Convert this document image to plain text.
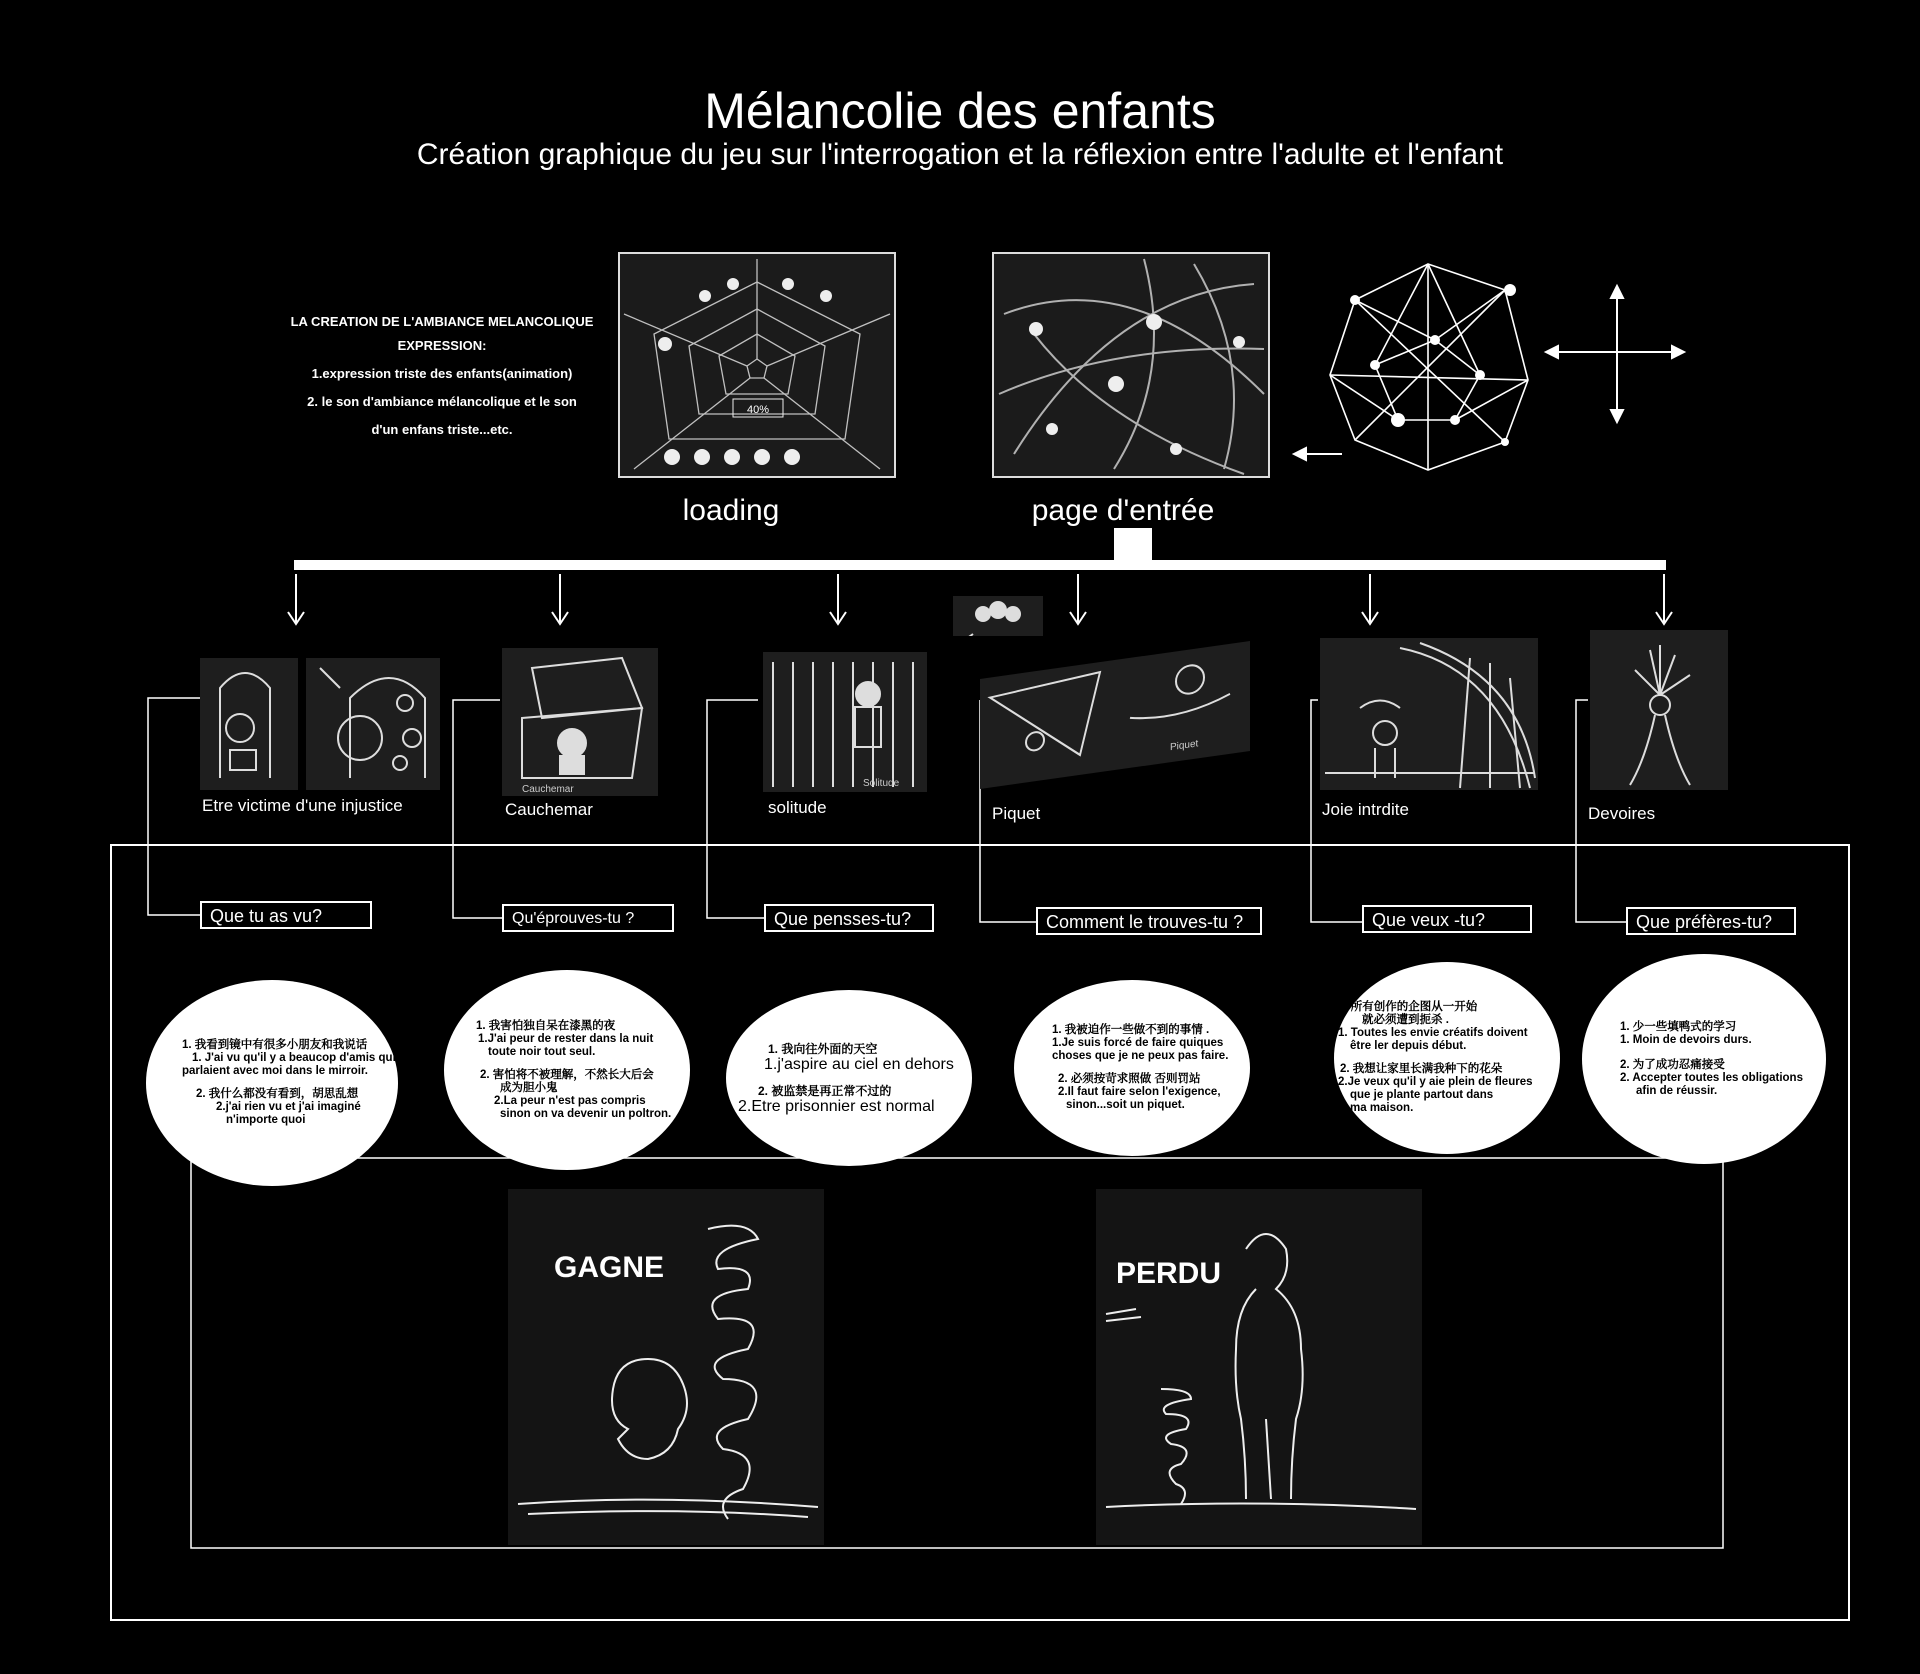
Mélancolie des enfants
Création graphique du jeu sur l'interrogation et la réflexion entre l'adulte et l'enfant
LA CREATION DE L'AMBIANCE MELANCOLIQUE
EXPRESSION:
1.expression triste des enfants(animation)
2. le son d'ambiance mélancolique et le son
d'un enfans triste...etc.
40%
loading	page d'entrée
Etre victime d'une injustice
Cauchemar
Cauchemar
Solitude
solitude
Piquet
Piquet	Joie intrdite	Devoires
Que tu as vu?	Qu'éprouves-tu ?	Que pensses-tu?	Comment le trouves-tu ?	Que veux -tu?	Que préfères-tu?
1. 我看到镜中有很多小朋友和我说话
1. J'ai vu qu'il y a beaucop d'amis qui
parlaient avec moi dans le mirroir.
2. 我什么都没有看到，胡思乱想
2.j'ai rien vu et j'ai imaginé
n'importe quoi
1. 我害怕独自呆在漆黑的夜
1.J'ai peur de rester dans la nuit
toute noir tout seul.
2. 害怕将不被理解，不然长大后会
成为胆小鬼
2.La peur n'est pas compris
sinon on va devenir un poltron.
1. 我向往外面的天空
1.j'aspire au ciel en dehors
2. 被监禁是再正常不过的
2.Etre prisonnier est normal
1. 我被迫作一些做不到的事情 .
1.Je suis forcé de faire quiques
choses que je ne peux pas faire.
2. 必须按苛求照做 否则罚站
2.Il faut faire selon l'exigence,
sinon...soit un piquet.
1. 所有创作的企图从一开始
就必须遭到扼杀 .
1. Toutes les envie créatifs doivent
être ler depuis début.
2. 我想让家里长满我种下的花朵
2.Je veux qu'il y aie plein de fleures
que je plante partout dans
ma maison.
1. 少一些填鸭式的学习
1. Moin de devoirs durs.
2. 为了成功忍痛接受
2. Accepter toutes les obligations
afin de réussir.
GAGNE	PERDU
